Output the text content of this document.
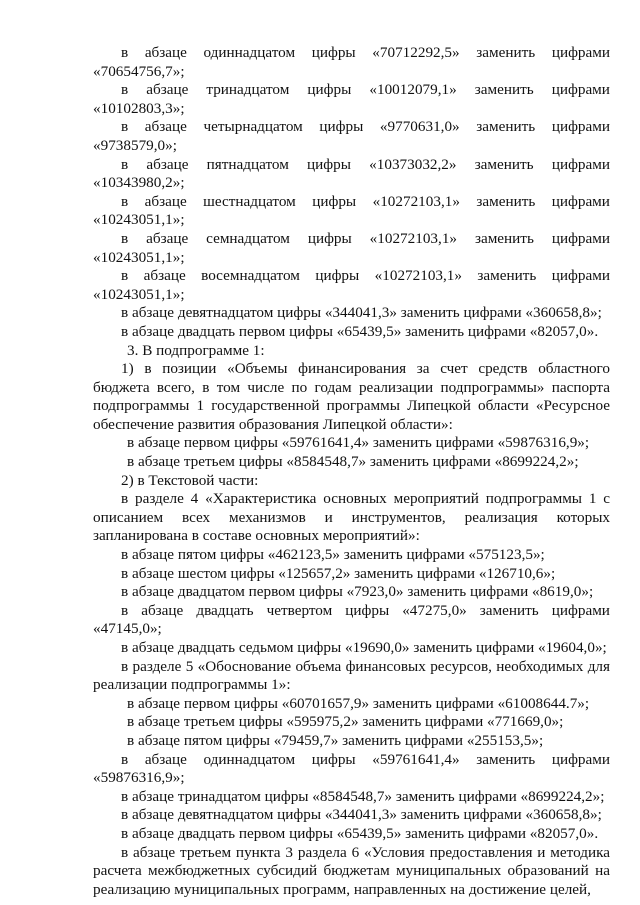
в абзаце одиннадцатом цифры «70712292,5» заменить цифрами

«70654756,7»;

в абзаце тринадцатом цифры «10012079,1» заменить цифрами

«10102803,3»;

в абзаце четырнадцатом цифры «9770631,0» заменить цифрами

«9738579,0»;

в абзаце пятнадцатом цифры «10373032,2» заменить цифрами

«10343980,2»;

в абзаце шестнадцатом цифры «10272103,1» заменить цифрами

«10243051,1»;

в абзаце семнадцатом цифры «10272103,1» заменить цифрами

«10243051,1»;

в абзаце восемнадцатом цифры «10272103,1» заменить цифрами

«10243051,1»;

в абзаце девятнадцатом цифры «344041,3» заменить цифрами «360658,8»;

в абзаце двадцать первом цифры «65439,5» заменить цифрами «82057,0».

3. В подпрограмме 1:

1) в позиции «Объемы финансирования за счет средств областного бюджета всего, в том числе по годам реализации подпрограммы» паспорта подпрограммы 1 государственной программы Липецкой области «Ресурсное обеспечение развития образования Липецкой области»:

в абзаце первом цифры «59761641,4» заменить цифрами «59876316,9»;

в абзаце третьем цифры «8584548,7» заменить цифрами «8699224,2»;

2) в Текстовой части:

в разделе 4 «Характеристика основных мероприятий подпрограммы 1 с описанием всех механизмов и инструментов, реализация которых запланирована в составе основных мероприятий»:

в абзаце пятом цифры «462123,5» заменить цифрами «575123,5»;

в абзаце шестом цифры «125657,2» заменить цифрами «126710,6»;

в абзаце двадцатом первом цифры «7923,0» заменить цифрами «8619,0»;

в абзаце двадцать четвертом цифры «47275,0» заменить цифрами

«47145,0»;

в абзаце двадцать седьмом цифры «19690,0» заменить цифрами «19604,0»;

в разделе 5 «Обоснование объема финансовых ресурсов, необходимых для реализации подпрограммы 1»:

в абзаце первом цифры «60701657,9» заменить цифрами «61008644.7»;

в абзаце третьем цифры «595975,2» заменить цифрами «771669,0»;

в абзаце пятом цифры «79459,7» заменить цифрами «255153,5»;

в абзаце одиннадцатом цифры «59761641,4» заменить цифрами

«59876316,9»;

в абзаце тринадцатом цифры «8584548,7» заменить цифрами «8699224,2»;

в абзаце девятнадцатом цифры «344041,3» заменить цифрами «360658,8»;

в абзаце двадцать первом цифры «65439,5» заменить цифрами «82057,0».

в абзаце третьем пункта 3 раздела 6 «Условия предоставления и методика расчета межбюджетных субсидий бюджетам муниципальных образований на реализацию муниципальных программ, направленных на достижение целей,
